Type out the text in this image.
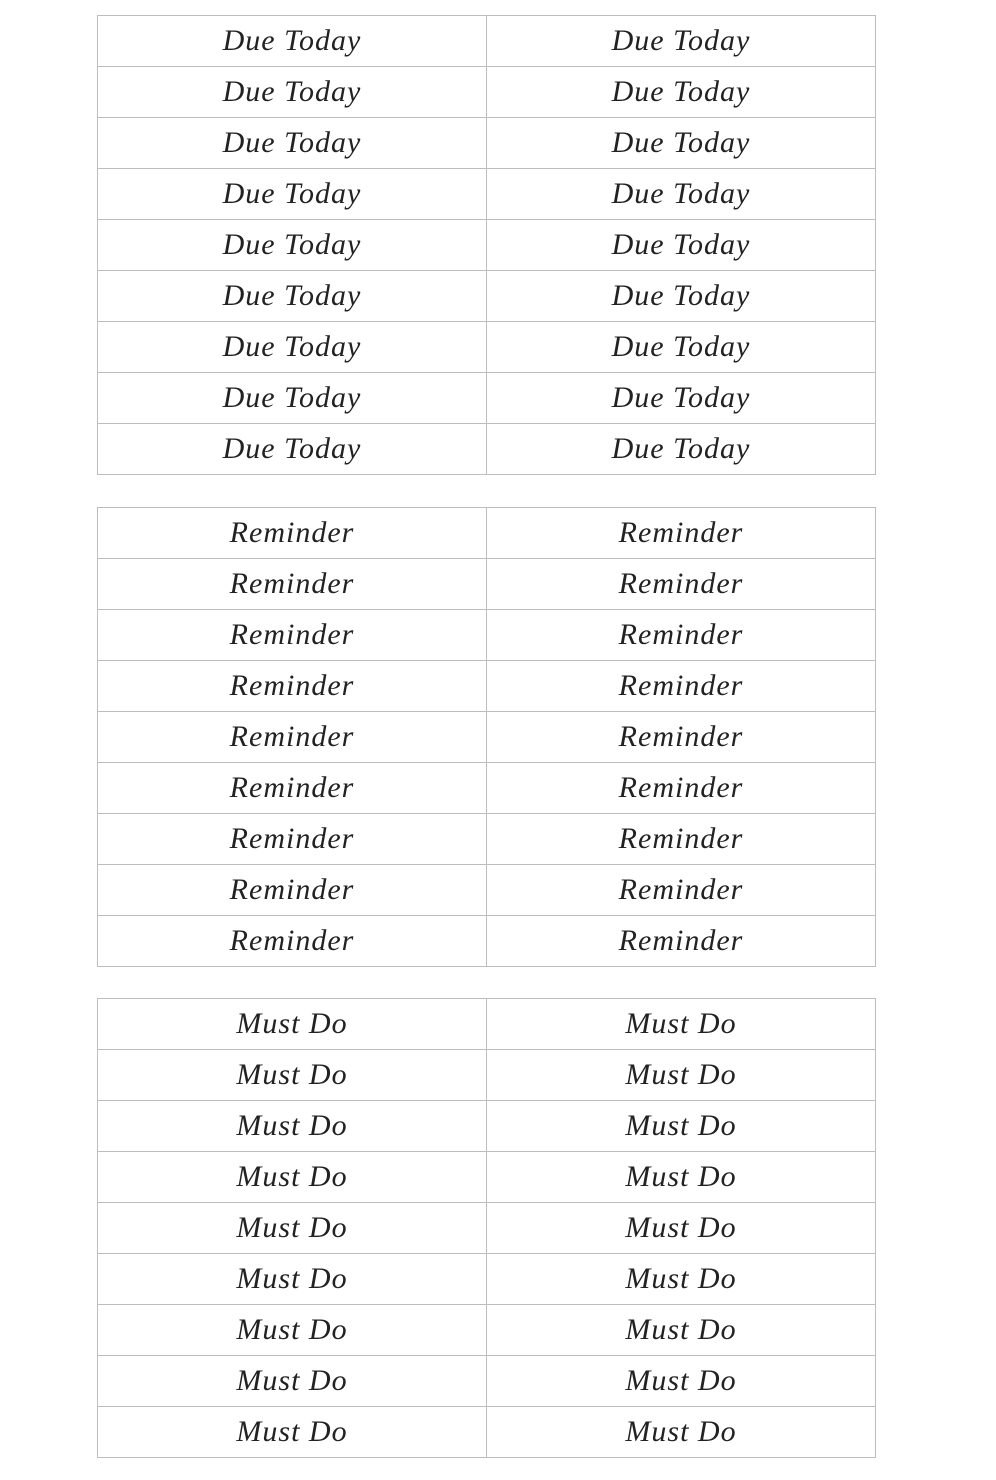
Due Today	Due Today
Due Today	Due Today
Due Today	Due Today
Due Today	Due Today
Due Today	Due Today
Due Today	Due Today
Due Today	Due Today
Due Today	Due Today
Due Today	Due Today
Reminder	Reminder
Reminder	Reminder
Reminder	Reminder
Reminder	Reminder
Reminder	Reminder
Reminder	Reminder
Reminder	Reminder
Reminder	Reminder
Reminder	Reminder
Must Do	Must Do
Must Do	Must Do
Must Do	Must Do
Must Do	Must Do
Must Do	Must Do
Must Do	Must Do
Must Do	Must Do
Must Do	Must Do
Must Do	Must Do
